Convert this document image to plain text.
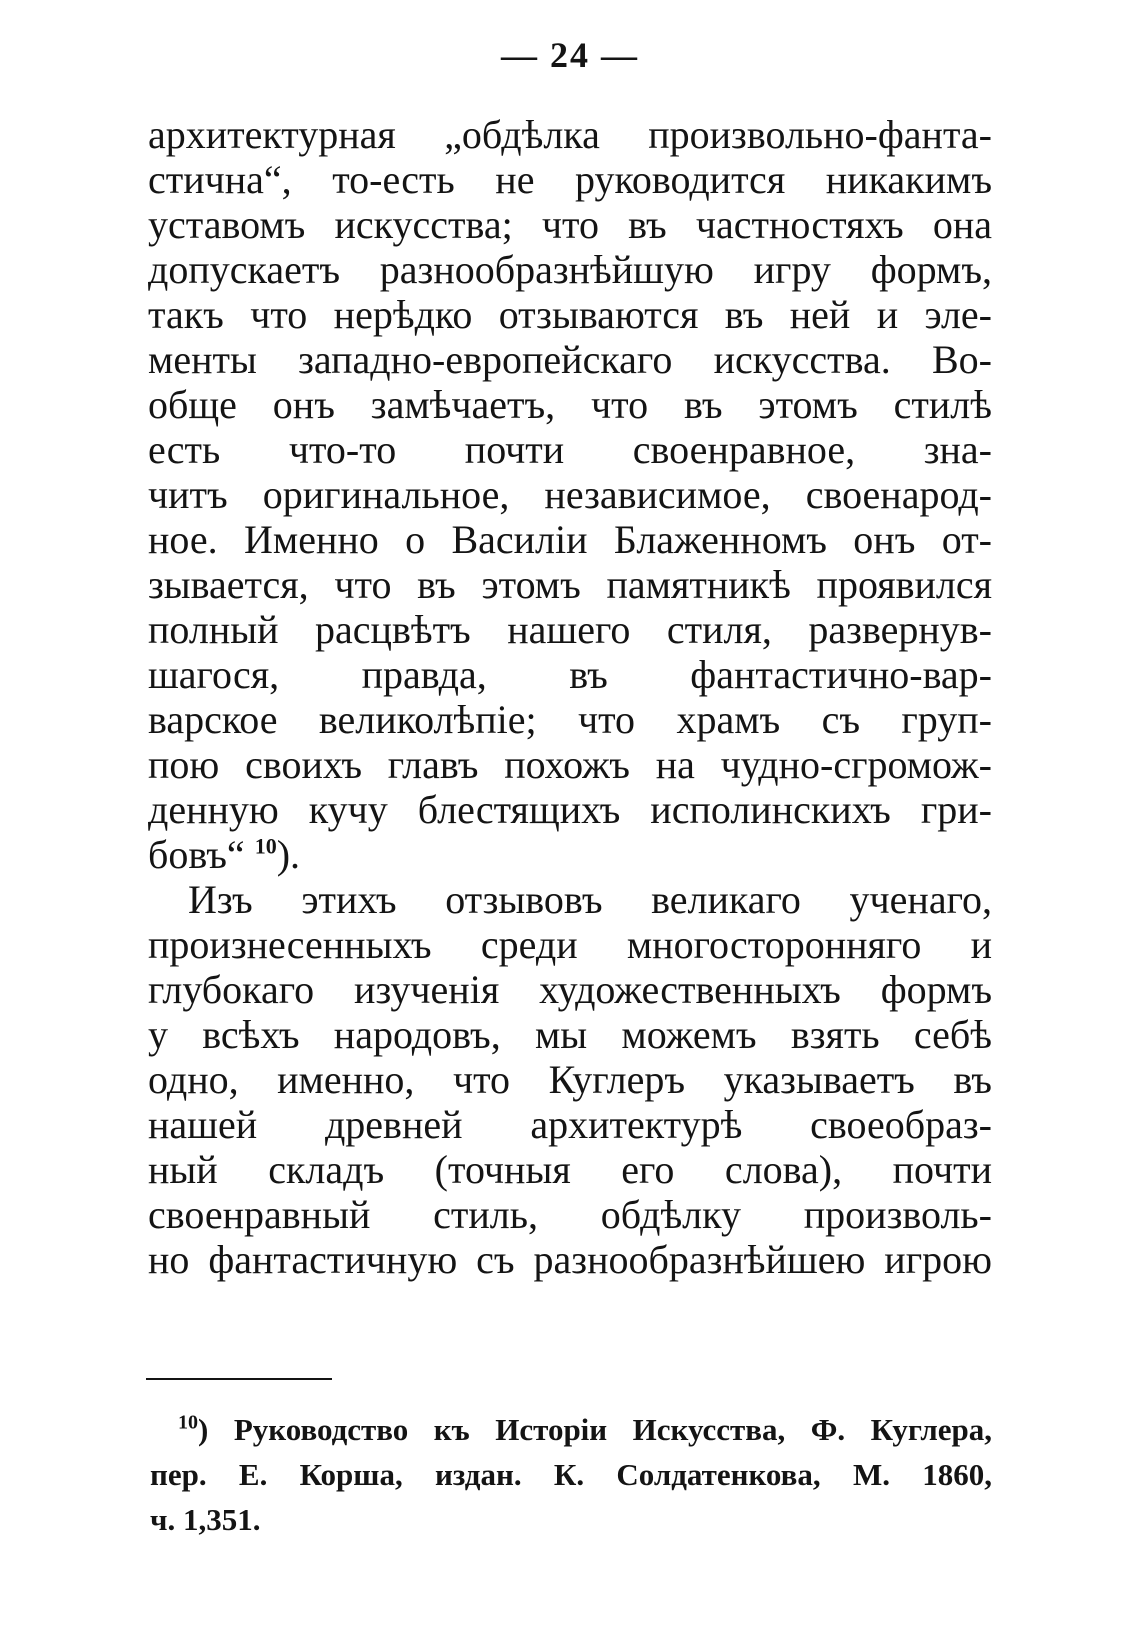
— 24 —
архитектурная „обдѣлка произвольно-фанта-
стична“, то-есть не руководится никакимъ
уставомъ искусства; что въ частностяхъ она
допускаетъ разнообразнѣйшую игру формъ,
такъ что нерѣдко отзываются въ ней и эле-
менты западно-европейскаго искусства. Во-
обще онъ замѣчаетъ, что въ этомъ стилѣ
есть что-то почти своенравное, зна-
читъ оригинальное, независимое, своенарод-
ное. Именно о Василіи Блаженномъ онъ от-
зывается, что въ этомъ памятникѣ проявился
полный расцвѣтъ нашего стиля, развернув-
шагося, правда, въ фантастично-вар-
варское великолѣпіе; что храмъ съ груп-
пою своихъ главъ похожъ на чудно-сгромож-
денную кучу блестящихъ исполинскихъ гри-
бовъ“ $^{10}$).
Изъ этихъ отзывовъ великаго ученаго,
произнесенныхъ среди многосторонняго и
глубокаго изученія художественныхъ формъ
у всѣхъ народовъ, мы можемъ взять себѣ
одно, именно, что Куглеръ указываетъ въ
нашей древней архитектурѣ своеобраз-
ный складъ (точныя его слова), почти
своенравный стиль, обдѣлку произволь-
но фантастичную съ разнообразнѣйшею игрою
$^{10}$) Руководство къ Исторіи Искусства, Ф. Куглера,
пер. Е. Корша, издан. К. Солдатенкова, М. 1860,
ч. 1,351.
